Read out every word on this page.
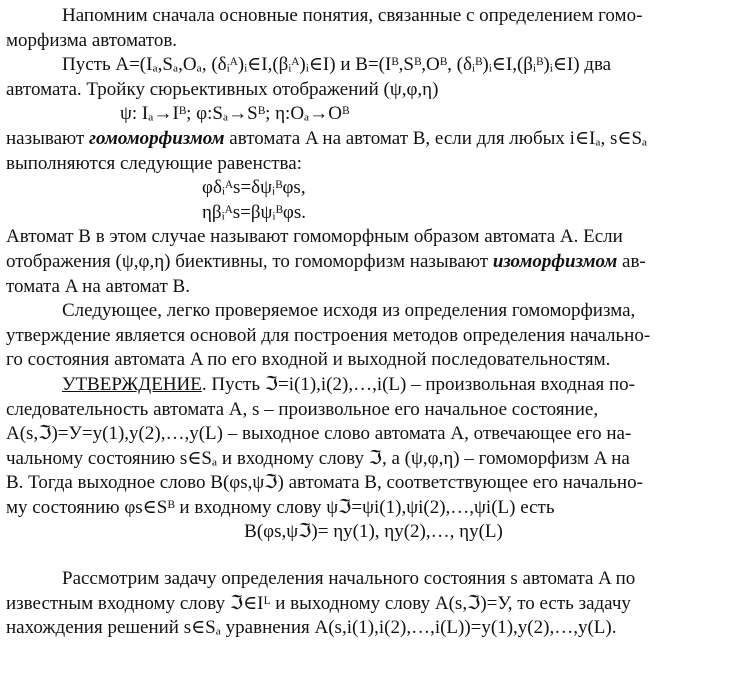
Напомним сначала основные понятия, связанные с определением гомо-
морфизма автоматов.
Пусть A=(Iₐ,Sₐ,Oₐ, (δᵢᴬ)ᵢ∈I,(βᵢᴬ)ᵢ∈I) и B=(Iᴮ,Sᴮ,Oᴮ, (δᵢᴮ)ᵢ∈I,(βᵢᴮ)ᵢ∈I) два
автомата. Тройку сюрьективных отображений (ψ,φ,η)
ψ: Iₐ→Iᴮ; φ:Sₐ→Sᴮ; η:Oₐ→Oᴮ
называют гомоморфизмом автомата A на автомат B, если для любых i∈Iₐ, s∈Sₐ
выполняются следующие равенства:
φδᵢᴬs=δψᵢᴮφs,
ηβᵢᴬs=βψᵢᴮφs.
Автомат B в этом случае называют гомоморфным образом автомата A. Если
отображения (ψ,φ,η) биективны, то гомоморфизм называют изоморфизмом ав-
томата A на автомат B.
Следующее, легко проверяемое исходя из определения гомоморфизма,
утверждение является основой для построения методов определения начально-
го состояния автомата A по его входной и выходной последовательностям.
УТВЕРЖДЕНИЕ. Пусть ℑ=i(1),i(2),…,i(L) – произвольная входная по-
следовательность автомата A, s – произвольное его начальное состояние,
A(s,ℑ)=У=y(1),y(2),…,y(L) – выходное слово автомата A, отвечающее его на-
чальному состоянию s∈Sₐ и входному слову ℑ, а (ψ,φ,η) – гомоморфизм A на
B. Тогда выходное слово B(φs,ψℑ) автомата B, соответствующее его начально-
му состоянию φs∈Sᴮ и входному слову ψℑ=ψi(1),ψi(2),…,ψi(L) есть
B(φs,ψℑ)= ηy(1), ηy(2),…, ηy(L)
Рассмотрим задачу определения начального состояния s автомата A по
известным входному слову ℑ∈Iᴸ и выходному слову A(s,ℑ)=У, то есть задачу
нахождения решений s∈Sₐ уравнения A(s,i(1),i(2),…,i(L))=y(1),y(2),…,y(L).
